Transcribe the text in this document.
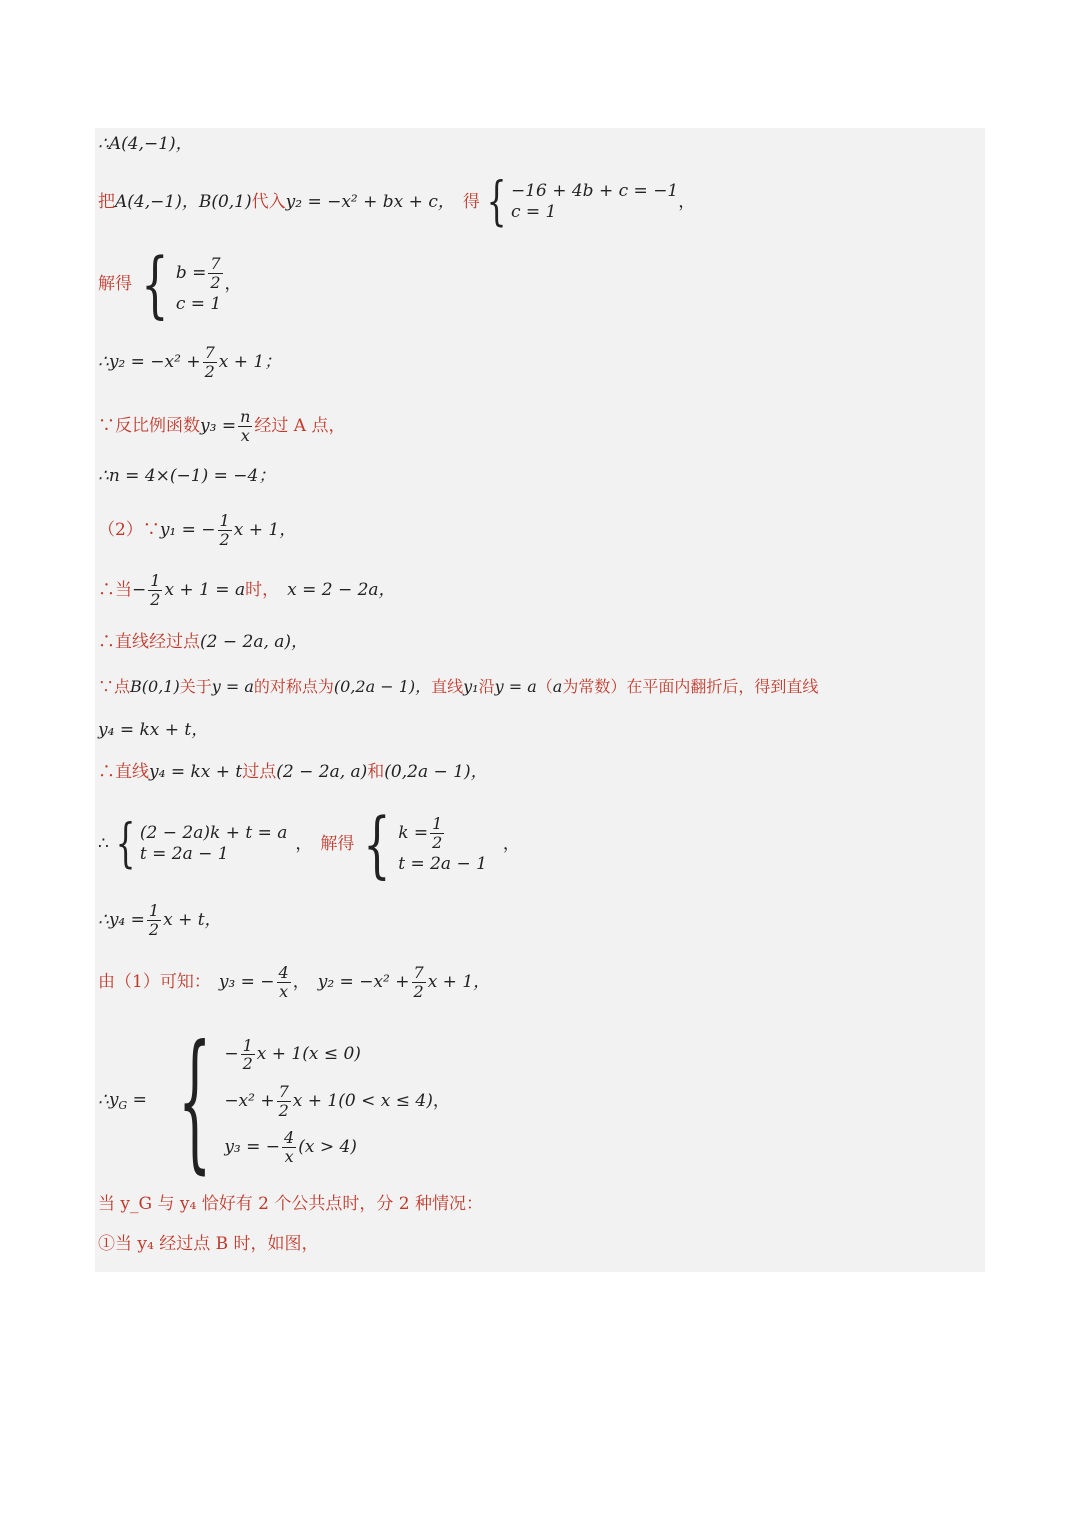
∴A(4,−1)，
把 A(4,−1)，B(0,1) 代入 y₂ = −x² + bx + c， 得 { −16 + 4b + c = −1
c = 1
，
解得 { $b = \frac{7}{2}$
c = 1
，
∴y₂ = $-x^2 + \frac{7}{2}$ x + 1；
∵反比例函数 $y_3 = \frac{n}{x}$ 经过 A 点，
∴n = 4×(−1) = −4；
（2）∵ y₁ = − $\frac{1}{2}$ x + 1，
∴当 − $\frac{1}{2}$ x + 1 = a 时， x = 2 − 2a，
∴直线经过点 (2 − 2a, a)，
∵点 B(0,1) 关于 y = a 的对称点为 (0,2a − 1)， 直线 y₁ 沿 y = a （ a 为常数）在平面内翻折后，得到直线
y₄ = kx + t，
∴直线 y₄ = kx + t 过点 (2 − 2a, a) 和 (0,2a − 1)，
∴ { (2 − 2a)k + t = a
t = 2a − 1
， 解得 { $k = \frac{1}{2}$
t = 2a − 1
，
∴y₄ = $\frac{1}{2}$ x + t，
由（1）可知： y₃ = − $\frac{4}{x}$ ， $y_2 = -x^2 + \frac{7}{2}$ x + 1，
$\therefore y_G$ = { − $\frac{1}{2}$ x + 1(x ≤ 0)
$-x^2 + \frac{7}{2}$ x + 1(0 < x ≤ 4) ，
y₃ = − $\frac{4}{x} (x > 4)$
当 y_G 与 y₄ 恰好有 2 个公共点时，分 2 种情况：
①当 y₄ 经过点 B 时，如图，
